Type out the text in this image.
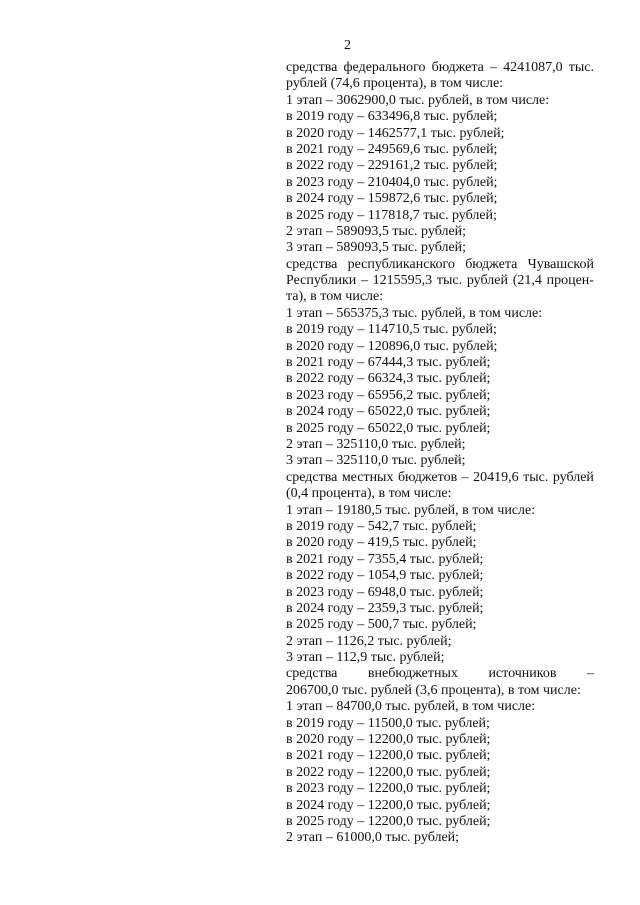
2
средства федерального бюджета – 4241087,0 тыс.
рублей (74,6 процента), в том числе:
1 этап – 3062900,0 тыс. рублей, в том числе:
в 2019 году – 633496,8 тыс. рублей;
в 2020 году – 1462577,1 тыс. рублей;
в 2021 году – 249569,6 тыс. рублей;
в 2022 году – 229161,2 тыс. рублей;
в 2023 году – 210404,0 тыс. рублей;
в 2024 году – 159872,6 тыс. рублей;
в 2025 году – 117818,7 тыс. рублей;
2 этап – 589093,5 тыс. рублей;
3 этап – 589093,5 тыс. рублей;
средства республиканского бюджета Чувашской
Республики – 1215595,3 тыс. рублей (21,4 процен-
та), в том числе:
1 этап – 565375,3 тыс. рублей, в том числе:
в 2019 году – 114710,5 тыс. рублей;
в 2020 году – 120896,0 тыс. рублей;
в 2021 году – 67444,3 тыс. рублей;
в 2022 году – 66324,3 тыс. рублей;
в 2023 году – 65956,2 тыс. рублей;
в 2024 году – 65022,0 тыс. рублей;
в 2025 году – 65022,0 тыс. рублей;
2 этап – 325110,0 тыс. рублей;
3 этап – 325110,0 тыс. рублей;
средства местных бюджетов – 20419,6 тыс. рублей
(0,4 процента), в том числе:
1 этап – 19180,5 тыс. рублей, в том числе:
в 2019 году – 542,7 тыс. рублей;
в 2020 году – 419,5 тыс. рублей;
в 2021 году – 7355,4 тыс. рублей;
в 2022 году – 1054,9 тыс. рублей;
в 2023 году – 6948,0 тыс. рублей;
в 2024 году – 2359,3 тыс. рублей;
в 2025 году – 500,7 тыс. рублей;
2 этап – 1126,2 тыс. рублей;
3 этап – 112,9 тыс. рублей;
средства внебюджетных источников –
206700,0 тыс. рублей (3,6 процента), в том числе:
1 этап – 84700,0 тыс. рублей, в том числе:
в 2019 году – 11500,0 тыс. рублей;
в 2020 году – 12200,0 тыс. рублей;
в 2021 году – 12200,0 тыс. рублей;
в 2022 году – 12200,0 тыс. рублей;
в 2023 году – 12200,0 тыс. рублей;
в 2024 году – 12200,0 тыс. рублей;
в 2025 году – 12200,0 тыс. рублей;
2 этап – 61000,0 тыс. рублей;
